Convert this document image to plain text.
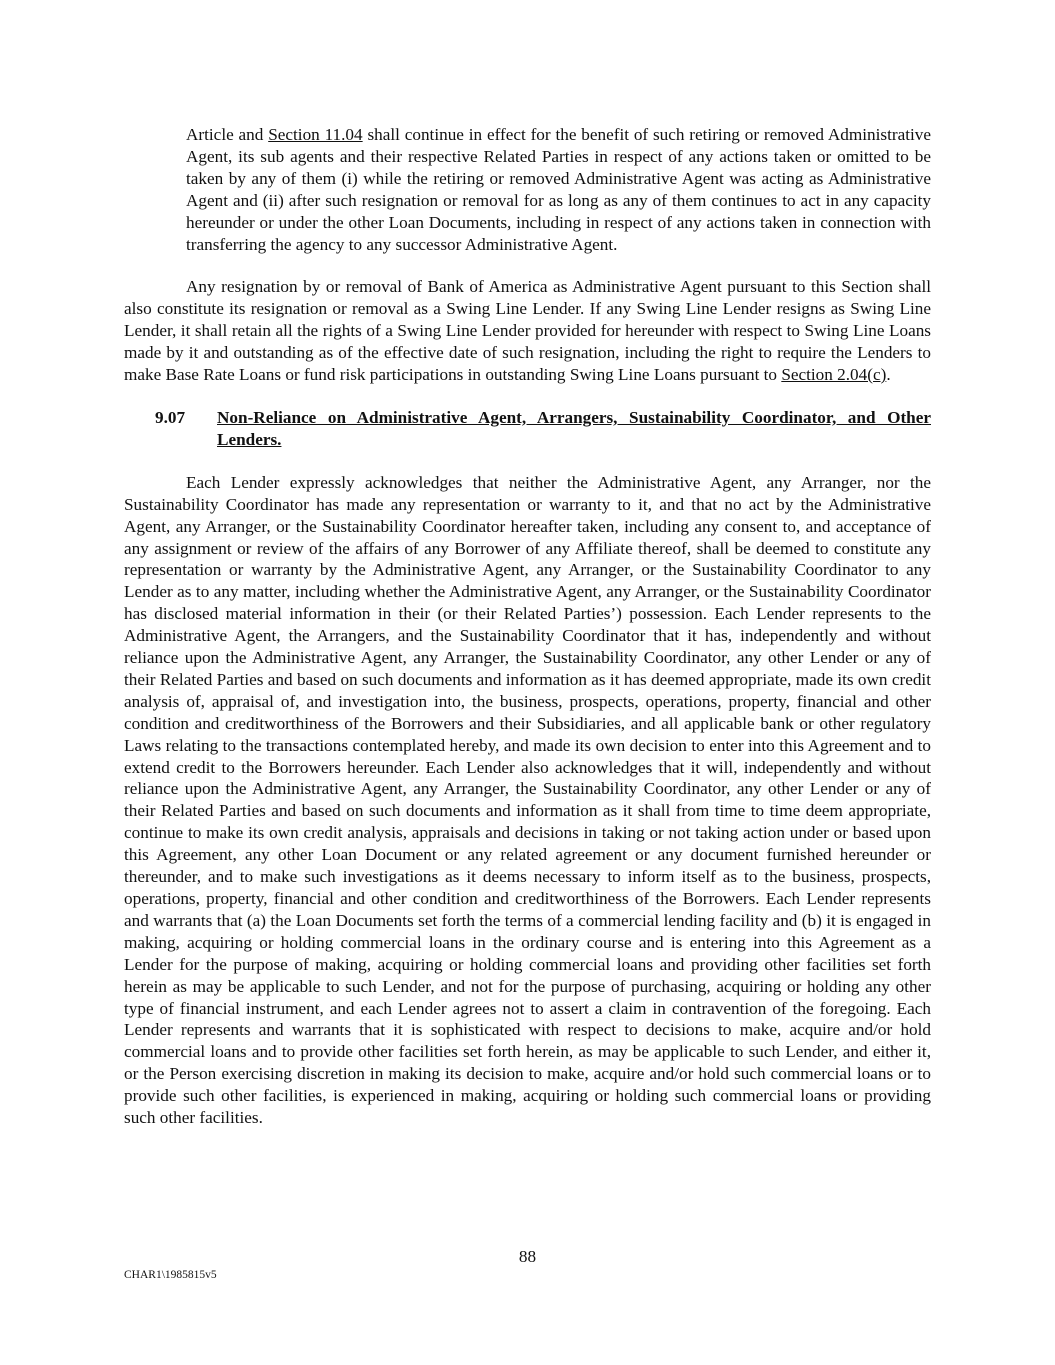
Article and Section 11.04 shall continue in effect for the benefit of such retiring or removed Administrative Agent, its sub agents and their respective Related Parties in respect of any actions taken or omitted to be taken by any of them (i) while the retiring or removed Administrative Agent was acting as Administrative Agent and (ii) after such resignation or removal for as long as any of them continues to act in any capacity hereunder or under the other Loan Documents, including in respect of any actions taken in connection with transferring the agency to any successor Administrative Agent.

Any resignation by or removal of Bank of America as Administrative Agent pursuant to this Section shall also constitute its resignation or removal as a Swing Line Lender. If any Swing Line Lender resigns as Swing Line Lender, it shall retain all the rights of a Swing Line Lender provided for hereunder with respect to Swing Line Loans made by it and outstanding as of the effective date of such resignation, including the right to require the Lenders to make Base Rate Loans or fund risk participations in outstanding Swing Line Loans pursuant to Section 2.04(c).

9.07	Non-Reliance on Administrative Agent, Arrangers, Sustainability Coordinator, and Other Lenders.

Each Lender expressly acknowledges that neither the Administrative Agent, any Arranger, nor the Sustainability Coordinator has made any representation or warranty to it, and that no act by the Administrative Agent, any Arranger, or the Sustainability Coordinator hereafter taken, including any consent to, and acceptance of any assignment or review of the affairs of any Borrower of any Affiliate thereof, shall be deemed to constitute any representation or warranty by the Administrative Agent, any Arranger, or the Sustainability Coordinator to any Lender as to any matter, including whether the Administrative Agent, any Arranger, or the Sustainability Coordinator has disclosed material information in their (or their Related Parties’) possession. Each Lender represents to the Administrative Agent, the Arrangers, and the Sustainability Coordinator that it has, independently and without reliance upon the Administrative Agent, any Arranger, the Sustainability Coordinator, any other Lender or any of their Related Parties and based on such documents and information as it has deemed appropriate, made its own credit analysis of, appraisal of, and investigation into, the business, prospects, operations, property, financial and other condition and creditworthiness of the Borrowers and their Subsidiaries, and all applicable bank or other regulatory Laws relating to the transactions contemplated hereby, and made its own decision to enter into this Agreement and to extend credit to the Borrowers hereunder. Each Lender also acknowledges that it will, independently and without reliance upon the Administrative Agent, any Arranger, the Sustainability Coordinator, any other Lender or any of their Related Parties and based on such documents and information as it shall from time to time deem appropriate, continue to make its own credit analysis, appraisals and decisions in taking or not taking action under or based upon this Agreement, any other Loan Document or any related agreement or any document furnished hereunder or thereunder, and to make such investigations as it deems necessary to inform itself as to the business, prospects, operations, property, financial and other condition and creditworthiness of the Borrowers. Each Lender represents and warrants that (a) the Loan Documents set forth the terms of a commercial lending facility and (b) it is engaged in making, acquiring or holding commercial loans in the ordinary course and is entering into this Agreement as a Lender for the purpose of making, acquiring or holding commercial loans and providing other facilities set forth herein as may be applicable to such Lender, and not for the purpose of purchasing, acquiring or holding any other type of financial instrument, and each Lender agrees not to assert a claim in contravention of the foregoing. Each Lender represents and warrants that it is sophisticated with respect to decisions to make, acquire and/or hold commercial loans and to provide other facilities set forth herein, as may be applicable to such Lender, and either it, or the Person exercising discretion in making its decision to make, acquire and/or hold such commercial loans or to provide such other facilities, is experienced in making, acquiring or holding such commercial loans or providing such other facilities.

88
CHAR1\1985815v5
